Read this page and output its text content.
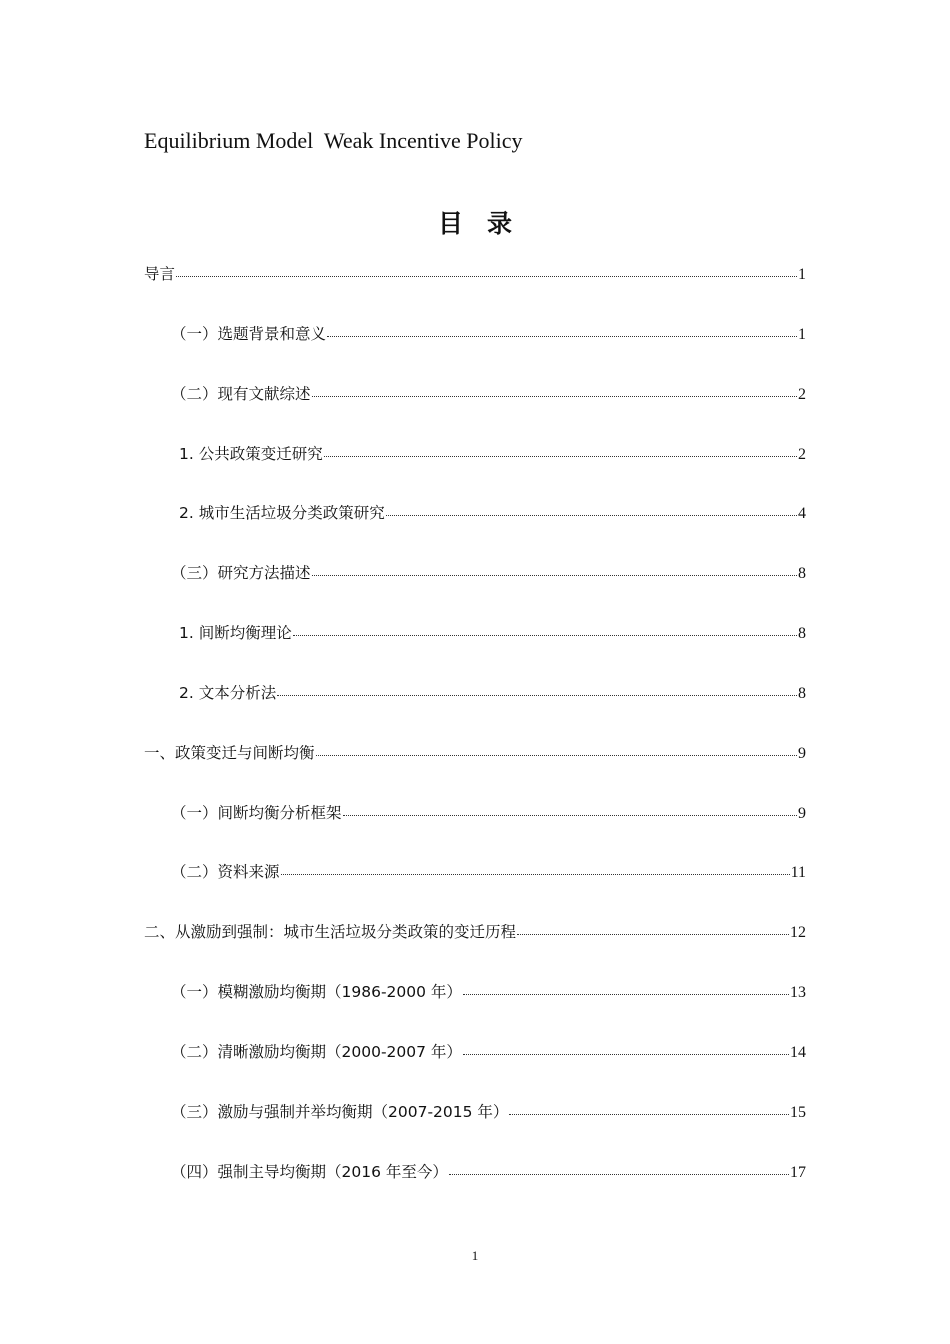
Equilibrium Model  Weak Incentive Policy
目录
导言	1
（一）选题背景和意义	1
（二）现有文献综述	2
1. 公共政策变迁研究	2
2. 城市生活垃圾分类政策研究	4
（三）研究方法描述	8
1. 间断均衡理论	8
2. 文本分析法	8
一、政策变迁与间断均衡	9
（一）间断均衡分析框架	9
（二）资料来源	11
二、从激励到强制：城市生活垃圾分类政策的变迁历程	12
（一）模糊激励均衡期（1986-2000 年）	13
（二）清晰激励均衡期（2000-2007 年）	14
（三）激励与强制并举均衡期（2007-2015 年）	15
（四）强制主导均衡期（2016 年至今）	17
1
